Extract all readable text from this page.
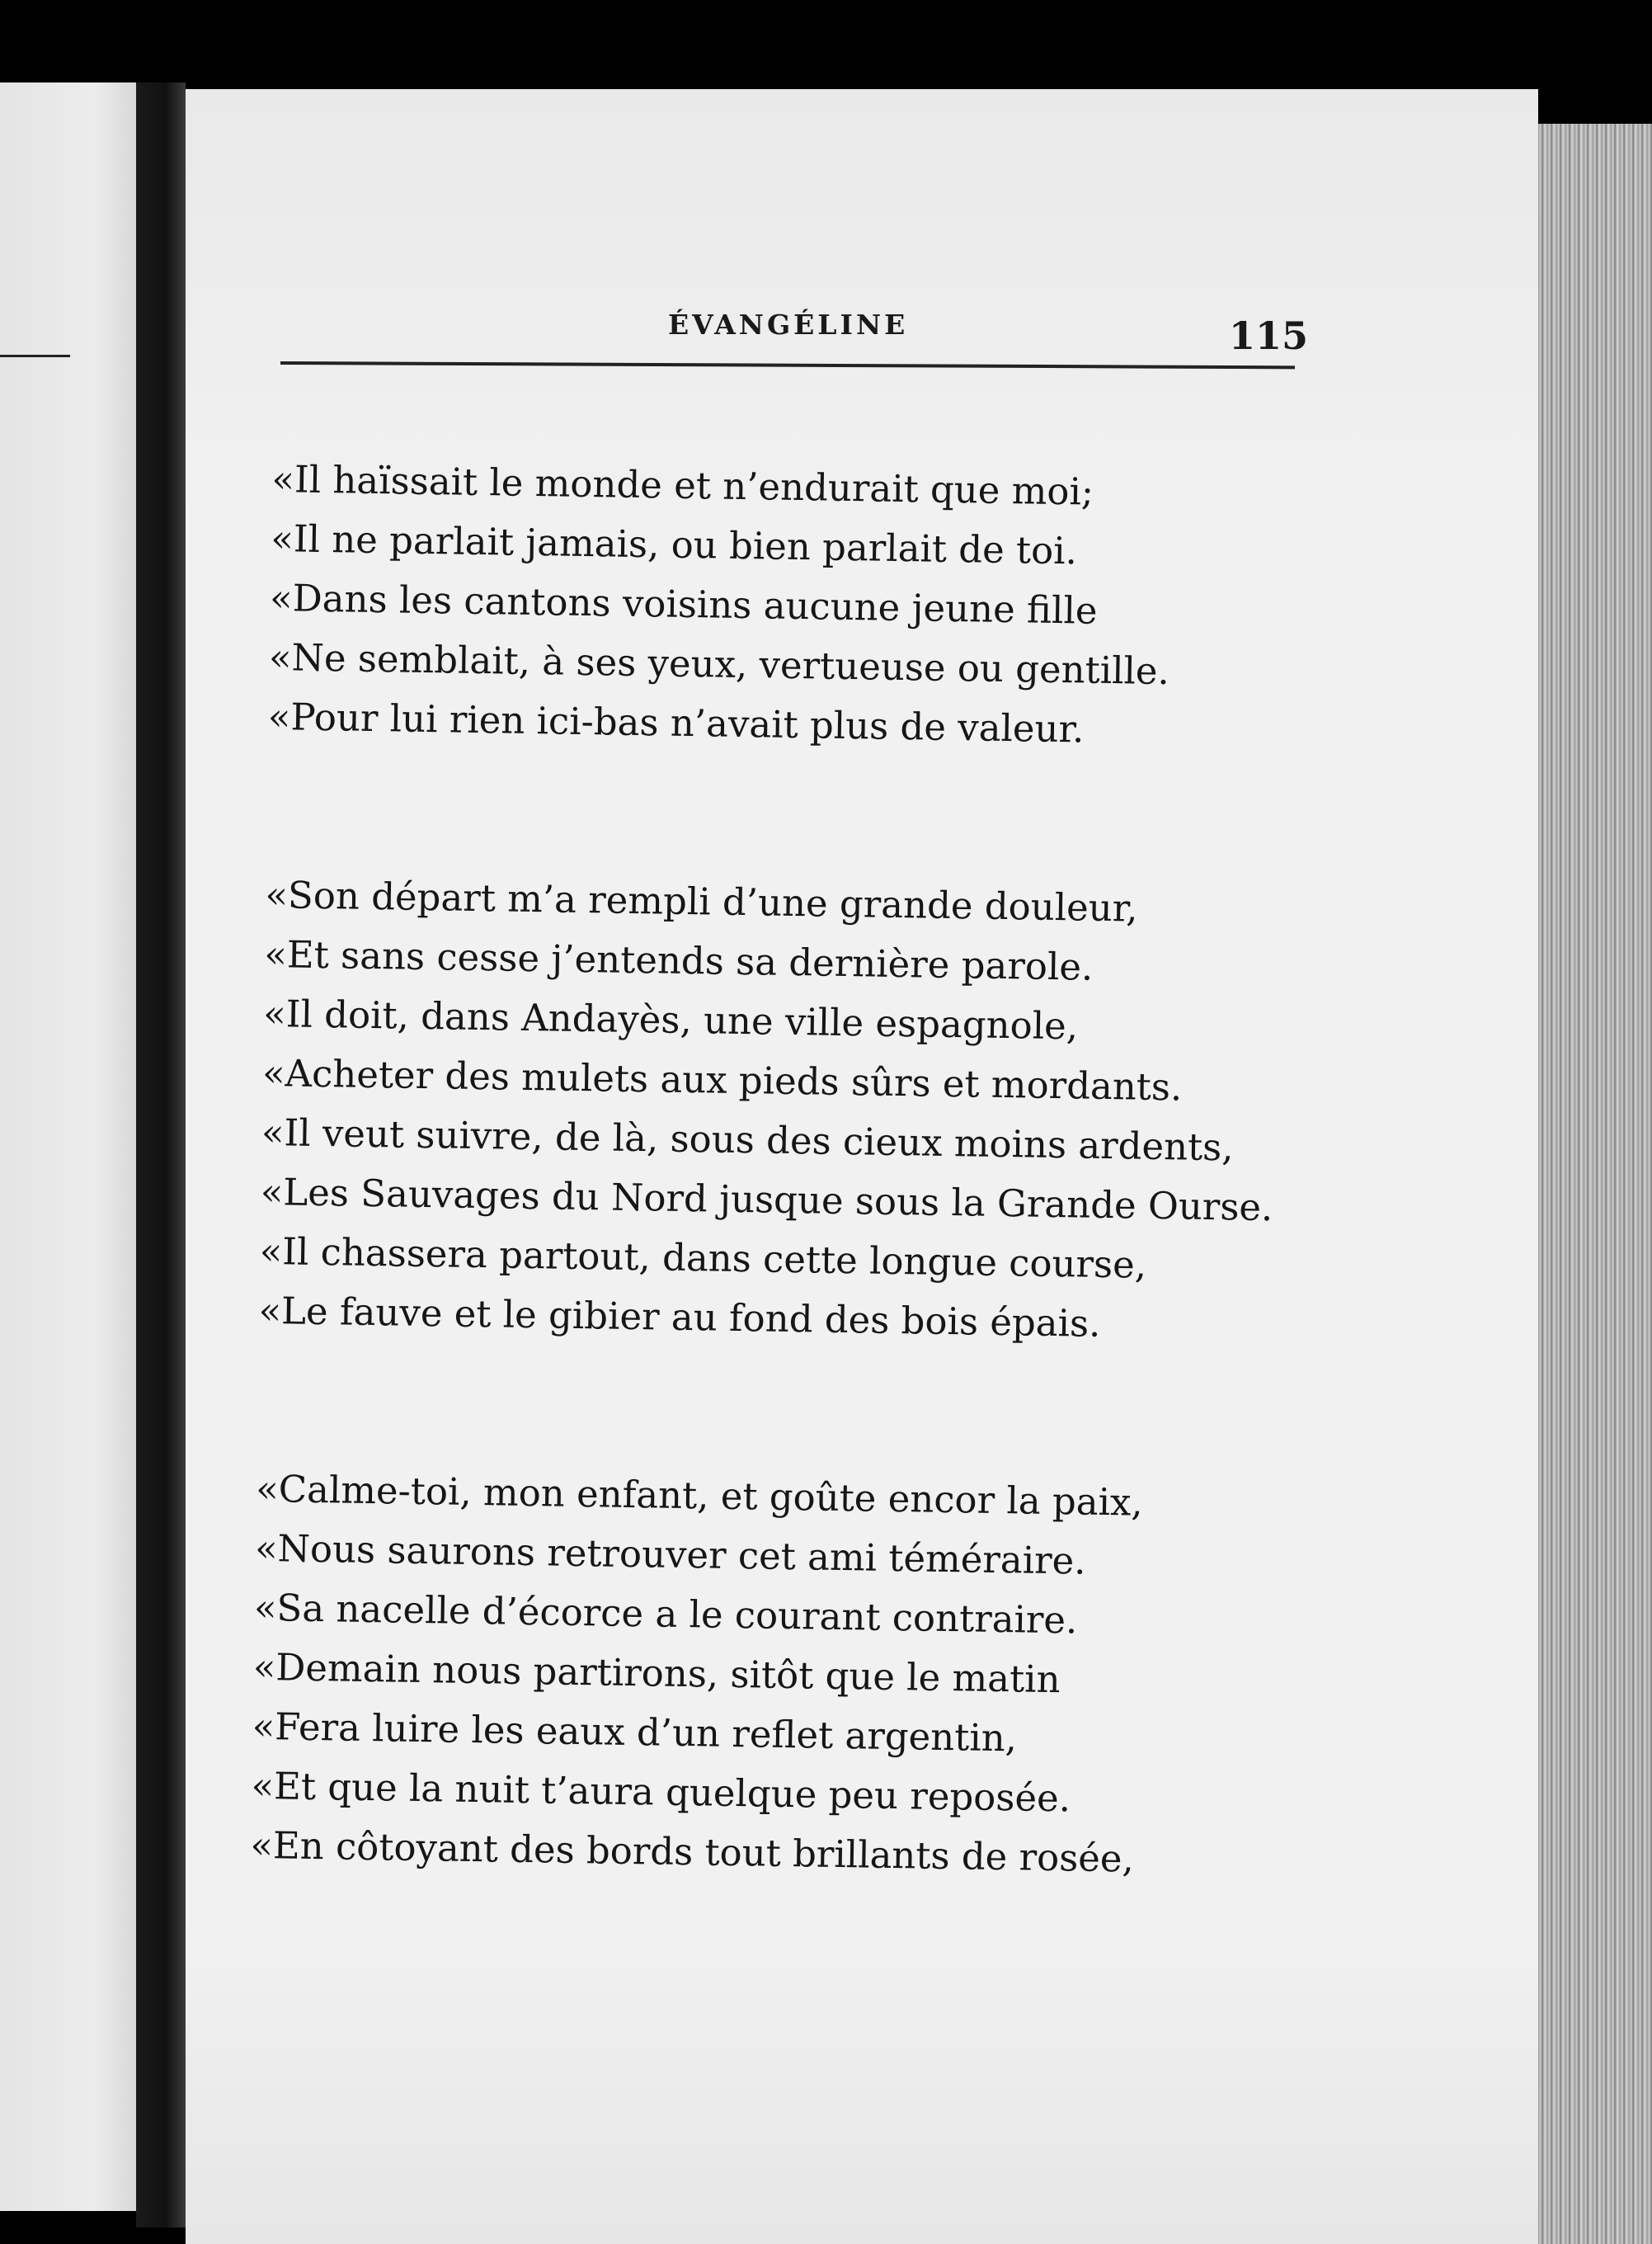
ÉVANGÉLINE	115

«Il haïssait le monde et n’endurait que moi;

«Il ne parlait jamais, ou bien parlait de toi.

«Dans les cantons voisins aucune jeune fille

«Ne semblait, à ses yeux, vertueuse ou gentille.

«Pour lui rien ici-bas n’avait plus de valeur.

«Son départ m’a rempli d’une grande douleur,

«Et sans cesse j’entends sa dernière parole.

«Il doit, dans Andayès, une ville espagnole,

«Acheter des mulets aux pieds sûrs et mordants.

«Il veut suivre, de là, sous des cieux moins ardents,

«Les Sauvages du Nord jusque sous la Grande Ourse.

«Il chassera partout, dans cette longue course,

«Le fauve et le gibier au fond des bois épais.

«Calme-toi, mon enfant, et goûte encor la paix,

«Nous saurons retrouver cet ami téméraire.

«Sa nacelle d’écorce a le courant contraire.

«Demain nous partirons, sitôt que le matin

«Fera luire les eaux d’un reflet argentin,

«Et que la nuit t’aura quelque peu reposée.

«En côtoyant des bords tout brillants de rosée,
